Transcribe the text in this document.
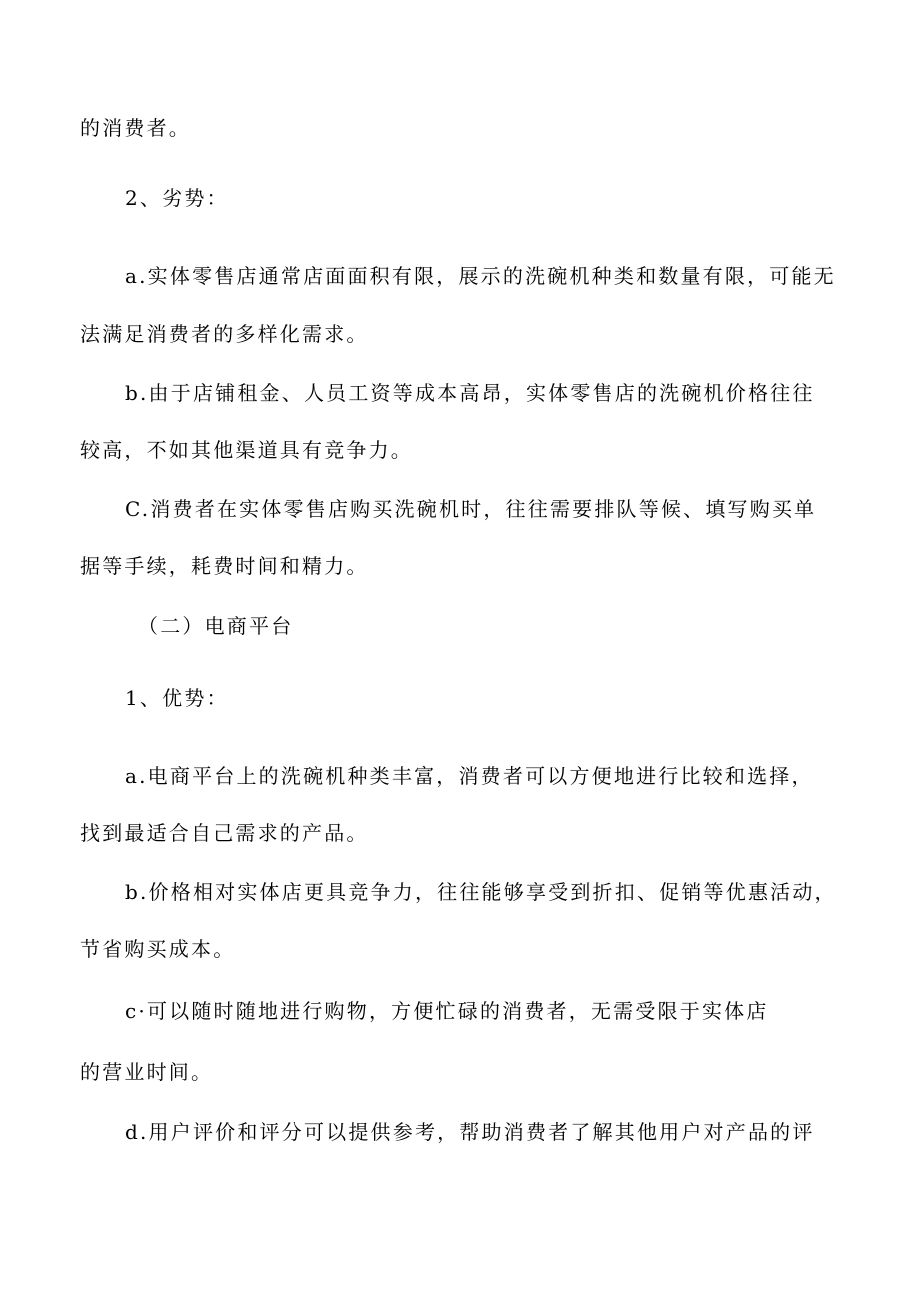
的消费者。
2、劣势：
a.实体零售店通常店面面积有限，展示的洗碗机种类和数量有限，可能无
法满足消费者的多样化需求。
b.由于店铺租金、人员工资等成本高昂，实体零售店的洗碗机价格往往
较高，不如其他渠道具有竞争力。
C.消费者在实体零售店购买洗碗机时，往往需要排队等候、填写购买单
据等手续，耗费时间和精力。
（二）电商平台
1、优势：
a.电商平台上的洗碗机种类丰富，消费者可以方便地进行比较和选择，
找到最适合自己需求的产品。
b.价格相对实体店更具竞争力，往往能够享受到折扣、促销等优惠活动，
节省购买成本。
c·可以随时随地进行购物，方便忙碌的消费者，无需受限于实体店
的营业时间。
d.用户评价和评分可以提供参考，帮助消费者了解其他用户对产品的评
